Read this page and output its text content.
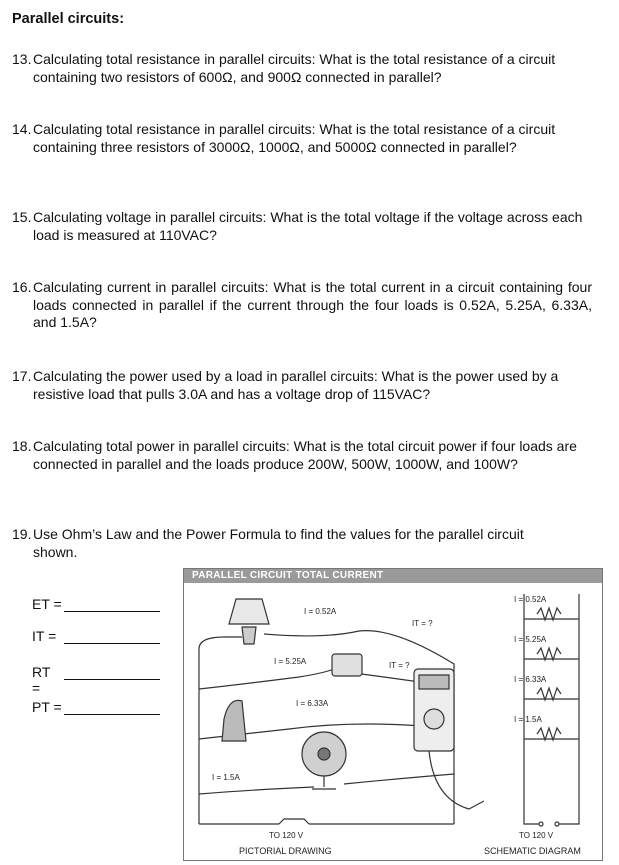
Parallel circuits:
13. Calculating total resistance in parallel circuits: What is the total resistance of a circuit containing two resistors of 600Ω, and 900Ω connected in parallel?
14. Calculating total resistance in parallel circuits: What is the total resistance of a circuit containing three resistors of 3000Ω, 1000Ω, and 5000Ω connected in parallel?
15. Calculating voltage in parallel circuits: What is the total voltage if the voltage across each load is measured at 110VAC?
16. Calculating current in parallel circuits: What is the total current in a circuit containing four loads connected in parallel if the current through the four loads is 0.52A, 5.25A, 6.33A, and 1.5A?
17. Calculating the power used by a load in parallel circuits: What is the power used by a resistive load that pulls 3.0A and has a voltage drop of 115VAC?
18. Calculating total power in parallel circuits: What is the total circuit power if four loads are connected in parallel and the loads produce 200W, 500W, 1000W, and 100W?
19. Use Ohm’s Law and the Power Formula to find the values for the parallel circuit shown.
ET =
IT =
RT =
PT =
PARALLEL CIRCUIT TOTAL CURRENT
I = 0.52A
I = 5.25A
I = 6.33A
I = 1.5A
IT = ?
IT = ?
TO 120 V
PICTORIAL DRAWING
I = 0.52A
I = 5.25A
I = 6.33A
I = 1.5A
TO 120 V
SCHEMATIC DIAGRAM
